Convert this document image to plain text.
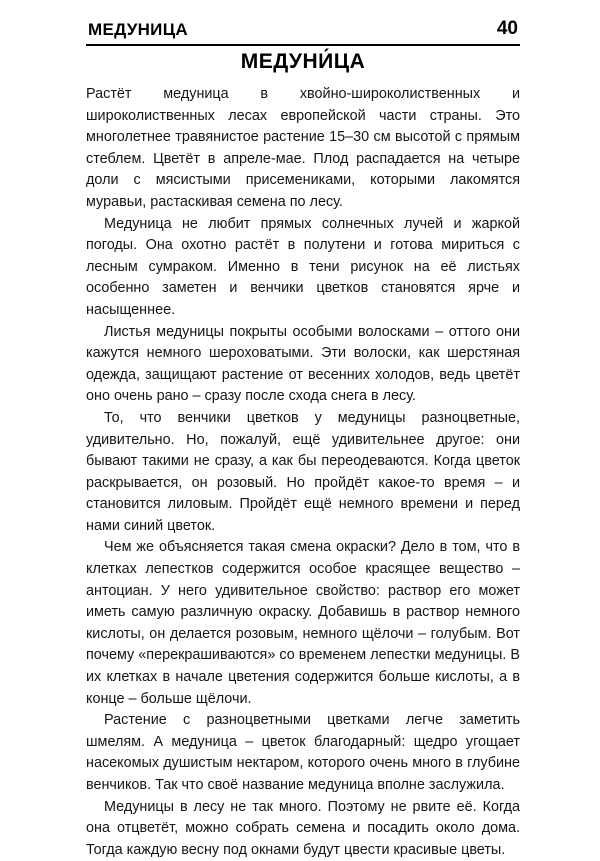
МЕДУНИЦА	40
МЕДУНИ́ЦА

Растёт медуница в хвойно-широколиственных и широколиственных лесах европейской части страны. Это многолетнее травянистое растение 15–30 см высотой с прямым стеблем. Цветёт в апреле-мае. Плод распадается на четыре доли с мясистыми присемениками, которыми лакомятся муравьи, растаскивая семена по лесу.

Медуница не любит прямых солнечных лучей и жаркой погоды. Она охотно растёт в полутени и готова мириться с лесным сумраком. Именно в тени рисунок на её листьях особенно заметен и венчики цветков становятся ярче и насыщеннее.

Листья медуницы покрыты особыми волосками – оттого они кажутся немного шероховатыми. Эти волоски, как шерстяная одежда, защищают растение от весенних холодов, ведь цветёт оно очень рано – сразу после схода снега в лесу.

То, что венчики цветков у медуницы разноцветные, удивительно. Но, пожалуй, ещё удивительнее другое: они бывают такими не сразу, а как бы переодеваются. Когда цветок раскрывается, он розовый. Но пройдёт какое-то время – и становится лиловым. Пройдёт ещё немного времени и перед нами синий цветок.

Чем же объясняется такая смена окраски? Дело в том, что в клетках лепестков содержится особое красящее вещество – антоциан. У него удивительное свойство: раствор его может иметь самую различную окраску. Добавишь в раствор немного кислоты, он делается розовым, немного щёлочи – голубым. Вот почему «перекрашиваются» со временем лепестки медуницы. В их клетках в начале цветения содержится больше кислоты, а в конце – больше щёлочи.

Растение с разноцветными цветками легче заметить шмелям. А медуница – цветок благодарный: щедро угощает насекомых душистым нектаром, которого очень много в глубине венчиков. Так что своё название медуница вполне заслужила.

Медуницы в лесу не так много. Поэтому не рвите её. Когда она отцветёт, можно собрать семена и посадить около дома. Тогда каждую весну под окнами будут цвести красивые цветы.
